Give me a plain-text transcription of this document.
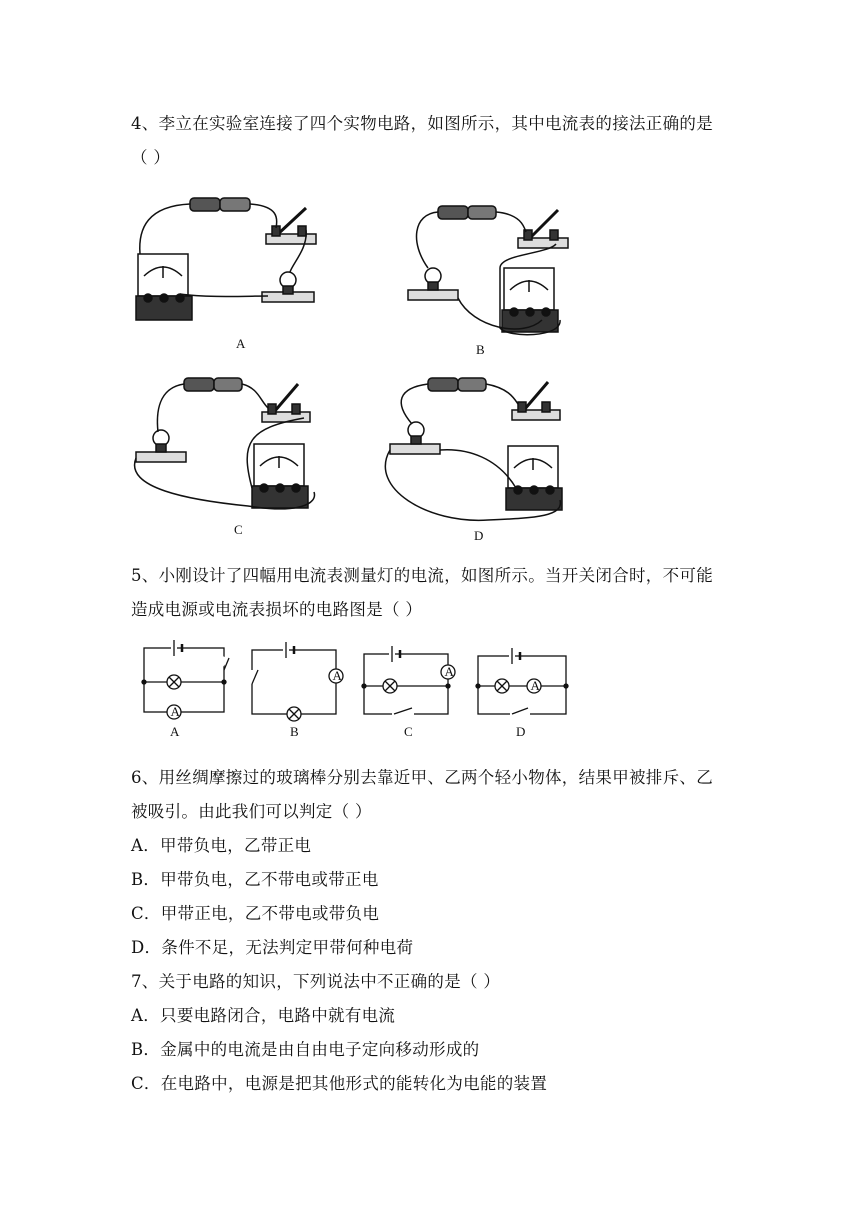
4、李立在实验室连接了四个实物电路，如图所示，其中电流表的接法正确的是
（ ）
A	B
C	D
5、小刚设计了四幅用电流表测量灯的电流，如图所示。当开关闭合时，不可能
造成电源或电流表损坏的电路图是（ ）
A
A
A
B
A
C
A
D
6、用丝绸摩擦过的玻璃棒分别去靠近甲、乙两个轻小物体，结果甲被排斥、乙
被吸引。由此我们可以判定（ ）
A．甲带负电，乙带正电
B．甲带负电，乙不带电或带正电
C．甲带正电，乙不带电或带负电
D．条件不足，无法判定甲带何种电荷
7、关于电路的知识，下列说法中不正确的是（ ）
A．只要电路闭合，电路中就有电流
B．金属中的电流是由自由电子定向移动形成的
C．在电路中，电源是把其他形式的能转化为电能的装置
